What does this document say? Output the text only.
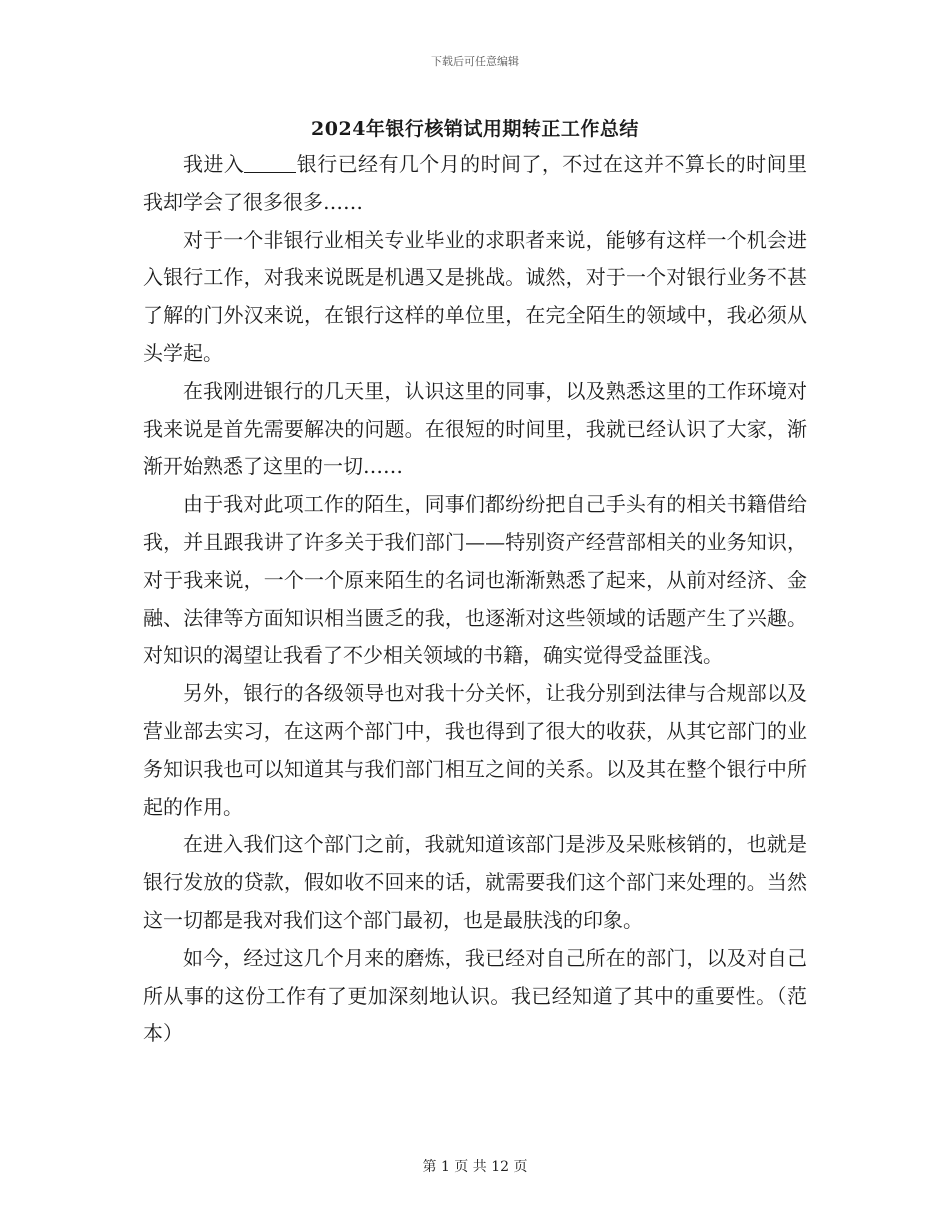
下载后可任意编辑
2024年银行核销试用期转正工作总结

我进入	银行已经有几个月的时间了，不过在这并不算长的时间里我却学会了很多很多……

对于一个非银行业相关专业毕业的求职者来说，能够有这样一个机会进入银行工作，对我来说既是机遇又是挑战。诚然，对于一个对银行业务不甚了解的门外汉来说，在银行这样的单位里，在完全陌生的领域中，我必须从头学起。

在我刚进银行的几天里，认识这里的同事，以及熟悉这里的工作环境对我来说是首先需要解决的问题。在很短的时间里，我就已经认识了大家，渐渐开始熟悉了这里的一切……

由于我对此项工作的陌生，同事们都纷纷把自己手头有的相关书籍借给我，并且跟我讲了许多关于我们部门——特别资产经营部相关的业务知识，对于我来说，一个一个原来陌生的名词也渐渐熟悉了起来，从前对经济、金融、法律等方面知识相当匮乏的我，也逐渐对这些领域的话题产生了兴趣。对知识的渴望让我看了不少相关领域的书籍，确实觉得受益匪浅。

另外，银行的各级领导也对我十分关怀，让我分别到法律与合规部以及营业部去实习，在这两个部门中，我也得到了很大的收获，从其它部门的业务知识我也可以知道其与我们部门相互之间的关系。以及其在整个银行中所起的作用。

在进入我们这个部门之前，我就知道该部门是涉及呆账核销的，也就是银行发放的贷款，假如收不回来的话，就需要我们这个部门来处理的。当然这一切都是我对我们这个部门最初，也是最肤浅的印象。

如今，经过这几个月来的磨炼，我已经对自己所在的部门，以及对自己所从事的这份工作有了更加深刻地认识。我已经知道了其中的重要性。（范本）

第 1 页 共 12 页
